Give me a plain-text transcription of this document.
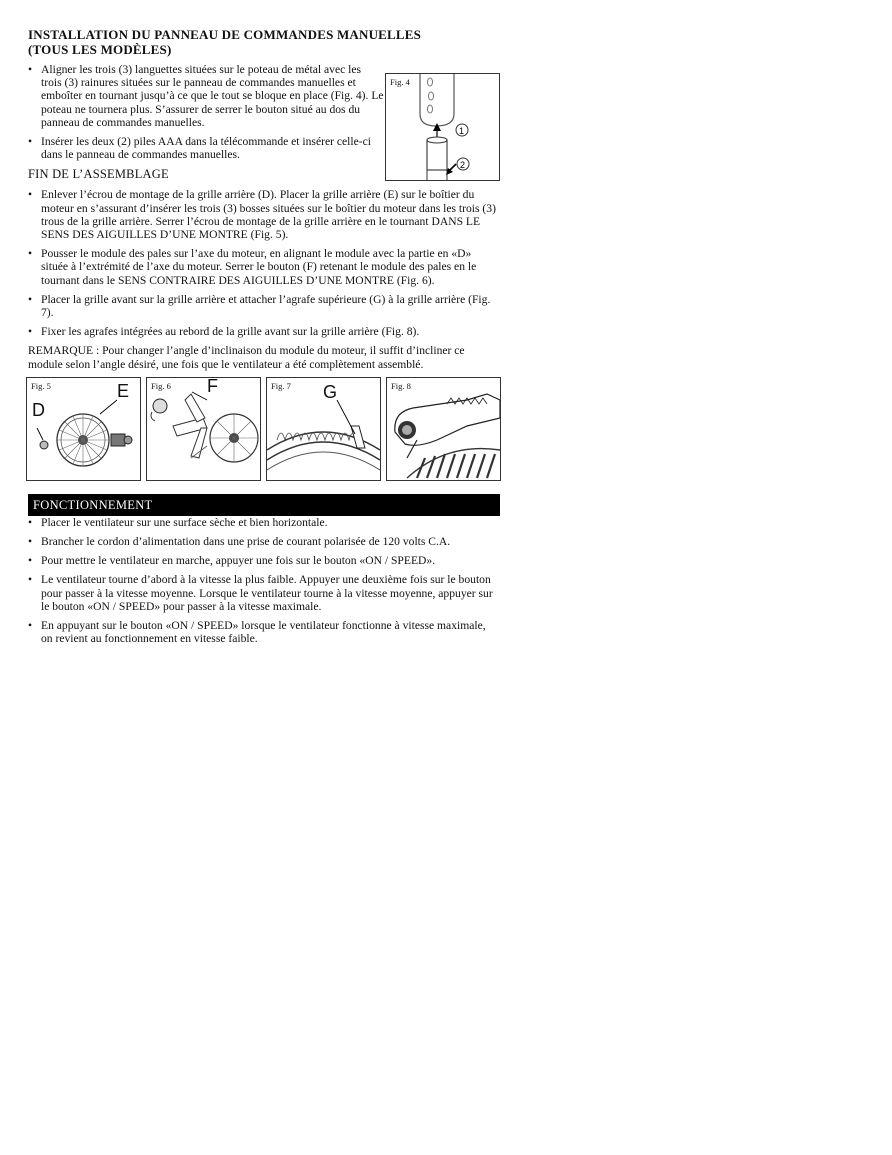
INSTALLATION DU PANNEAU DE COMMANDES MANUELLES
(TOUS LES MODÈLES)
• Aligner les trois (3) languettes situées sur le poteau de métal avec les trois (3) rainures situées sur le panneau de commandes manuelles et emboîter en tournant jusqu’à ce que le tout se bloque en place (Fig. 4). Le poteau ne tournera plus. S’assurer de serrer le bouton situé au dos du panneau de commandes manuelles.
• Insérer les deux (2) piles AAA dans la télécommande et insérer celle-ci dans le panneau de commandes manuelles.
Fig. 4
1
2
FIN DE L’ASSEMBLAGE
• Enlever l’écrou de montage de la grille arrière (D). Placer la grille arrière (E) sur le boîtier du moteur en s’assurant d’insérer les trois (3) bosses situées sur le boîtier du moteur dans les trois (3) trous de la grille arrière. Serrer l’écrou de montage de la grille arrière en le tournant DANS LE SENS DES AIGUILLES D’UNE MONTRE (Fig. 5).
• Pousser le module des pales sur l’axe du moteur, en alignant le module avec la partie en «D» située à l’extrémité de l’axe du moteur. Serrer le bouton (F) retenant le module des pales en le tournant dans le SENS CONTRAIRE DES AIGUILLES D’UNE MONTRE (Fig. 6).
• Placer la grille avant sur la grille arrière et attacher l’agrafe supérieure (G) à la grille arrière (Fig. 7).
• Fixer les agrafes intégrées au rebord de la grille avant sur la grille arrière (Fig. 8).

REMARQUE : Pour changer l’angle d’inclinaison du module du moteur, il suffit d’incliner ce module selon l’angle désiré, une fois que le ventilateur a été complètement assemblé.

Fig. 5	E
D
Fig. 6 F	Fig. 7 G	Fig. 8
FONCTIONNEMENT
• Placer le ventilateur sur une surface sèche et bien horizontale.
• Brancher le cordon d’alimentation dans une prise de courant polarisée de 120 volts C.A.
• Pour mettre le ventilateur en marche, appuyer une fois sur le bouton «ON / SPEED».
• Le ventilateur tourne d’abord à la vitesse la plus faible. Appuyer une deuxième fois sur le bouton pour passer à la vitesse moyenne. Lorsque le ventilateur tourne à la vitesse moyenne, appuyer sur le bouton «ON / SPEED» pour passer à la vitesse maximale.
• En appuyant sur le bouton «ON / SPEED» lorsque le ventilateur fonctionne à vitesse maximale, on revient au fonctionnement en vitesse faible.
